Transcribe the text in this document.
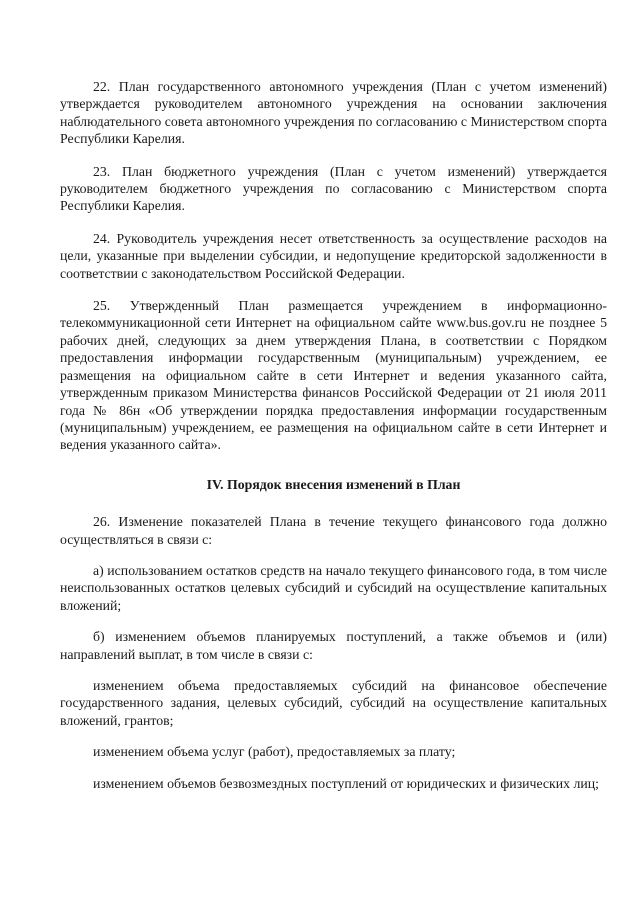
22. План государственного автономного учреждения (План с учетом изменений) утверждается руководителем автономного учреждения на основании заключения наблюдательного совета автономного учреждения по согласованию с Министерством спорта Республики Карелия.

23. План бюджетного учреждения (План с учетом изменений) утверждается руководителем бюджетного учреждения по согласованию с Министерством спорта Республики Карелия.

24. Руководитель учреждения несет ответственность за осуществление расходов на цели, указанные при выделении субсидии, и недопущение кредиторской задолженности в соответствии с законодательством Российской Федерации.

25. Утвержденный План размещается учреждением в информационно-телекоммуникационной сети Интернет на официальном сайте www.bus.gov.ru не позднее 5 рабочих дней, следующих за днем утверждения Плана, в соответствии с Порядком предоставления информации государственным (муниципальным) учреждением, ее размещения на официальном сайте в сети Интернет и ведения указанного сайта, утвержденным приказом Министерства финансов Российской Федерации от 21 июля 2011 года № 86н «Об утверждении порядка предоставления информации государственным (муниципальным) учреждением, ее размещения на официальном сайте в сети Интернет и ведения указанного сайта».

IV. Порядок внесения изменений в План

26. Изменение показателей Плана в течение текущего финансового года должно осуществляться в связи с:

а) использованием остатков средств на начало текущего финансового года, в том числе неиспользованных остатков целевых субсидий и субсидий на осуществление капитальных вложений;

б) изменением объемов планируемых поступлений, а также объемов и (или) направлений выплат, в том числе в связи с:

изменением объема предоставляемых субсидий на финансовое обеспечение государственного задания, целевых субсидий, субсидий на осуществление капитальных вложений, грантов;

изменением объема услуг (работ), предоставляемых за плату;

изменением объемов безвозмездных поступлений от юридических и физических лиц;
